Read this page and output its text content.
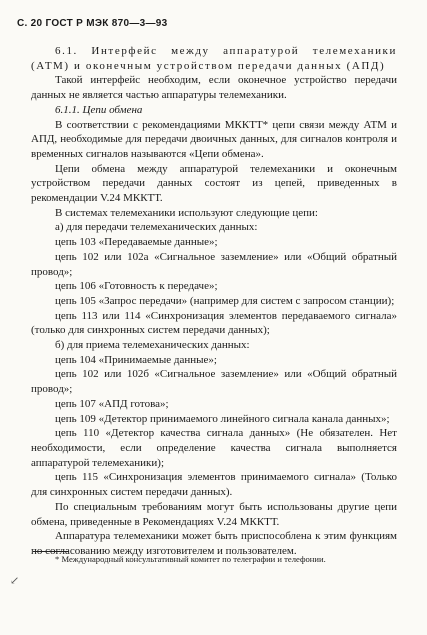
С. 20 ГОСТ Р МЭК 870—3—93

6.1. Интерфейс между аппаратурой телемеханики (АТМ) и оконечным устройством передачи данных (АПД)

Такой интерфейс необходим, если оконечное устройство передачи данных не является частью аппаратуры телемеханики.

6.1.1. Цепи обмена

В соответствии с рекомендациями МККТТ* цепи связи между АТМ и АПД, необходимые для передачи двоичных данных, для сигналов контроля и временных сигналов называются «Цепи обмена».

Цепи обмена между аппаратурой телемеханики и оконечным устройством передачи данных состоят из цепей, приведенных в рекомендации V.24 МККТТ.

В системах телемеханики используют следующие цепи:

а) для передачи телемеханических данных:

цепь 103 «Передаваемые данные»;

цепь 102 или 102а «Сигнальное заземление» или «Общий обратный провод»;

цепь 106 «Готовность к передаче»;

цепь 105 «Запрос передачи» (например для систем с запросом станции);

цепь 113 или 114 «Синхронизация элементов передаваемого сигнала» (только для синхронных систем передачи данных);

б) для приема телемеханических данных:

цепь 104 «Принимаемые данные»;

цепь 102 или 102б «Сигнальное заземление» или «Общий обратный провод»;

цепь 107 «АПД готова»;

цепь 109 «Детектор принимаемого линейного сигнала канала данных»;

цепь 110 «Детектор качества сигнала данных» (Не обязателен. Нет необходимости, если определение качества сигнала выполняется аппаратурой телемеханики);

цепь 115 «Синхронизация элементов принимаемого сигнала» (Только для синхронных систем передачи данных).

По специальным требованиям могут быть использованы другие цепи обмена, приведенные в Рекомендациях V.24 МККТТ.

Аппаратура телемеханики может быть приспособлена к этим функциям по согласованию между изготовителем и пользователем.

* Международный консультативный комитет по телеграфии и телефонии.
↙
